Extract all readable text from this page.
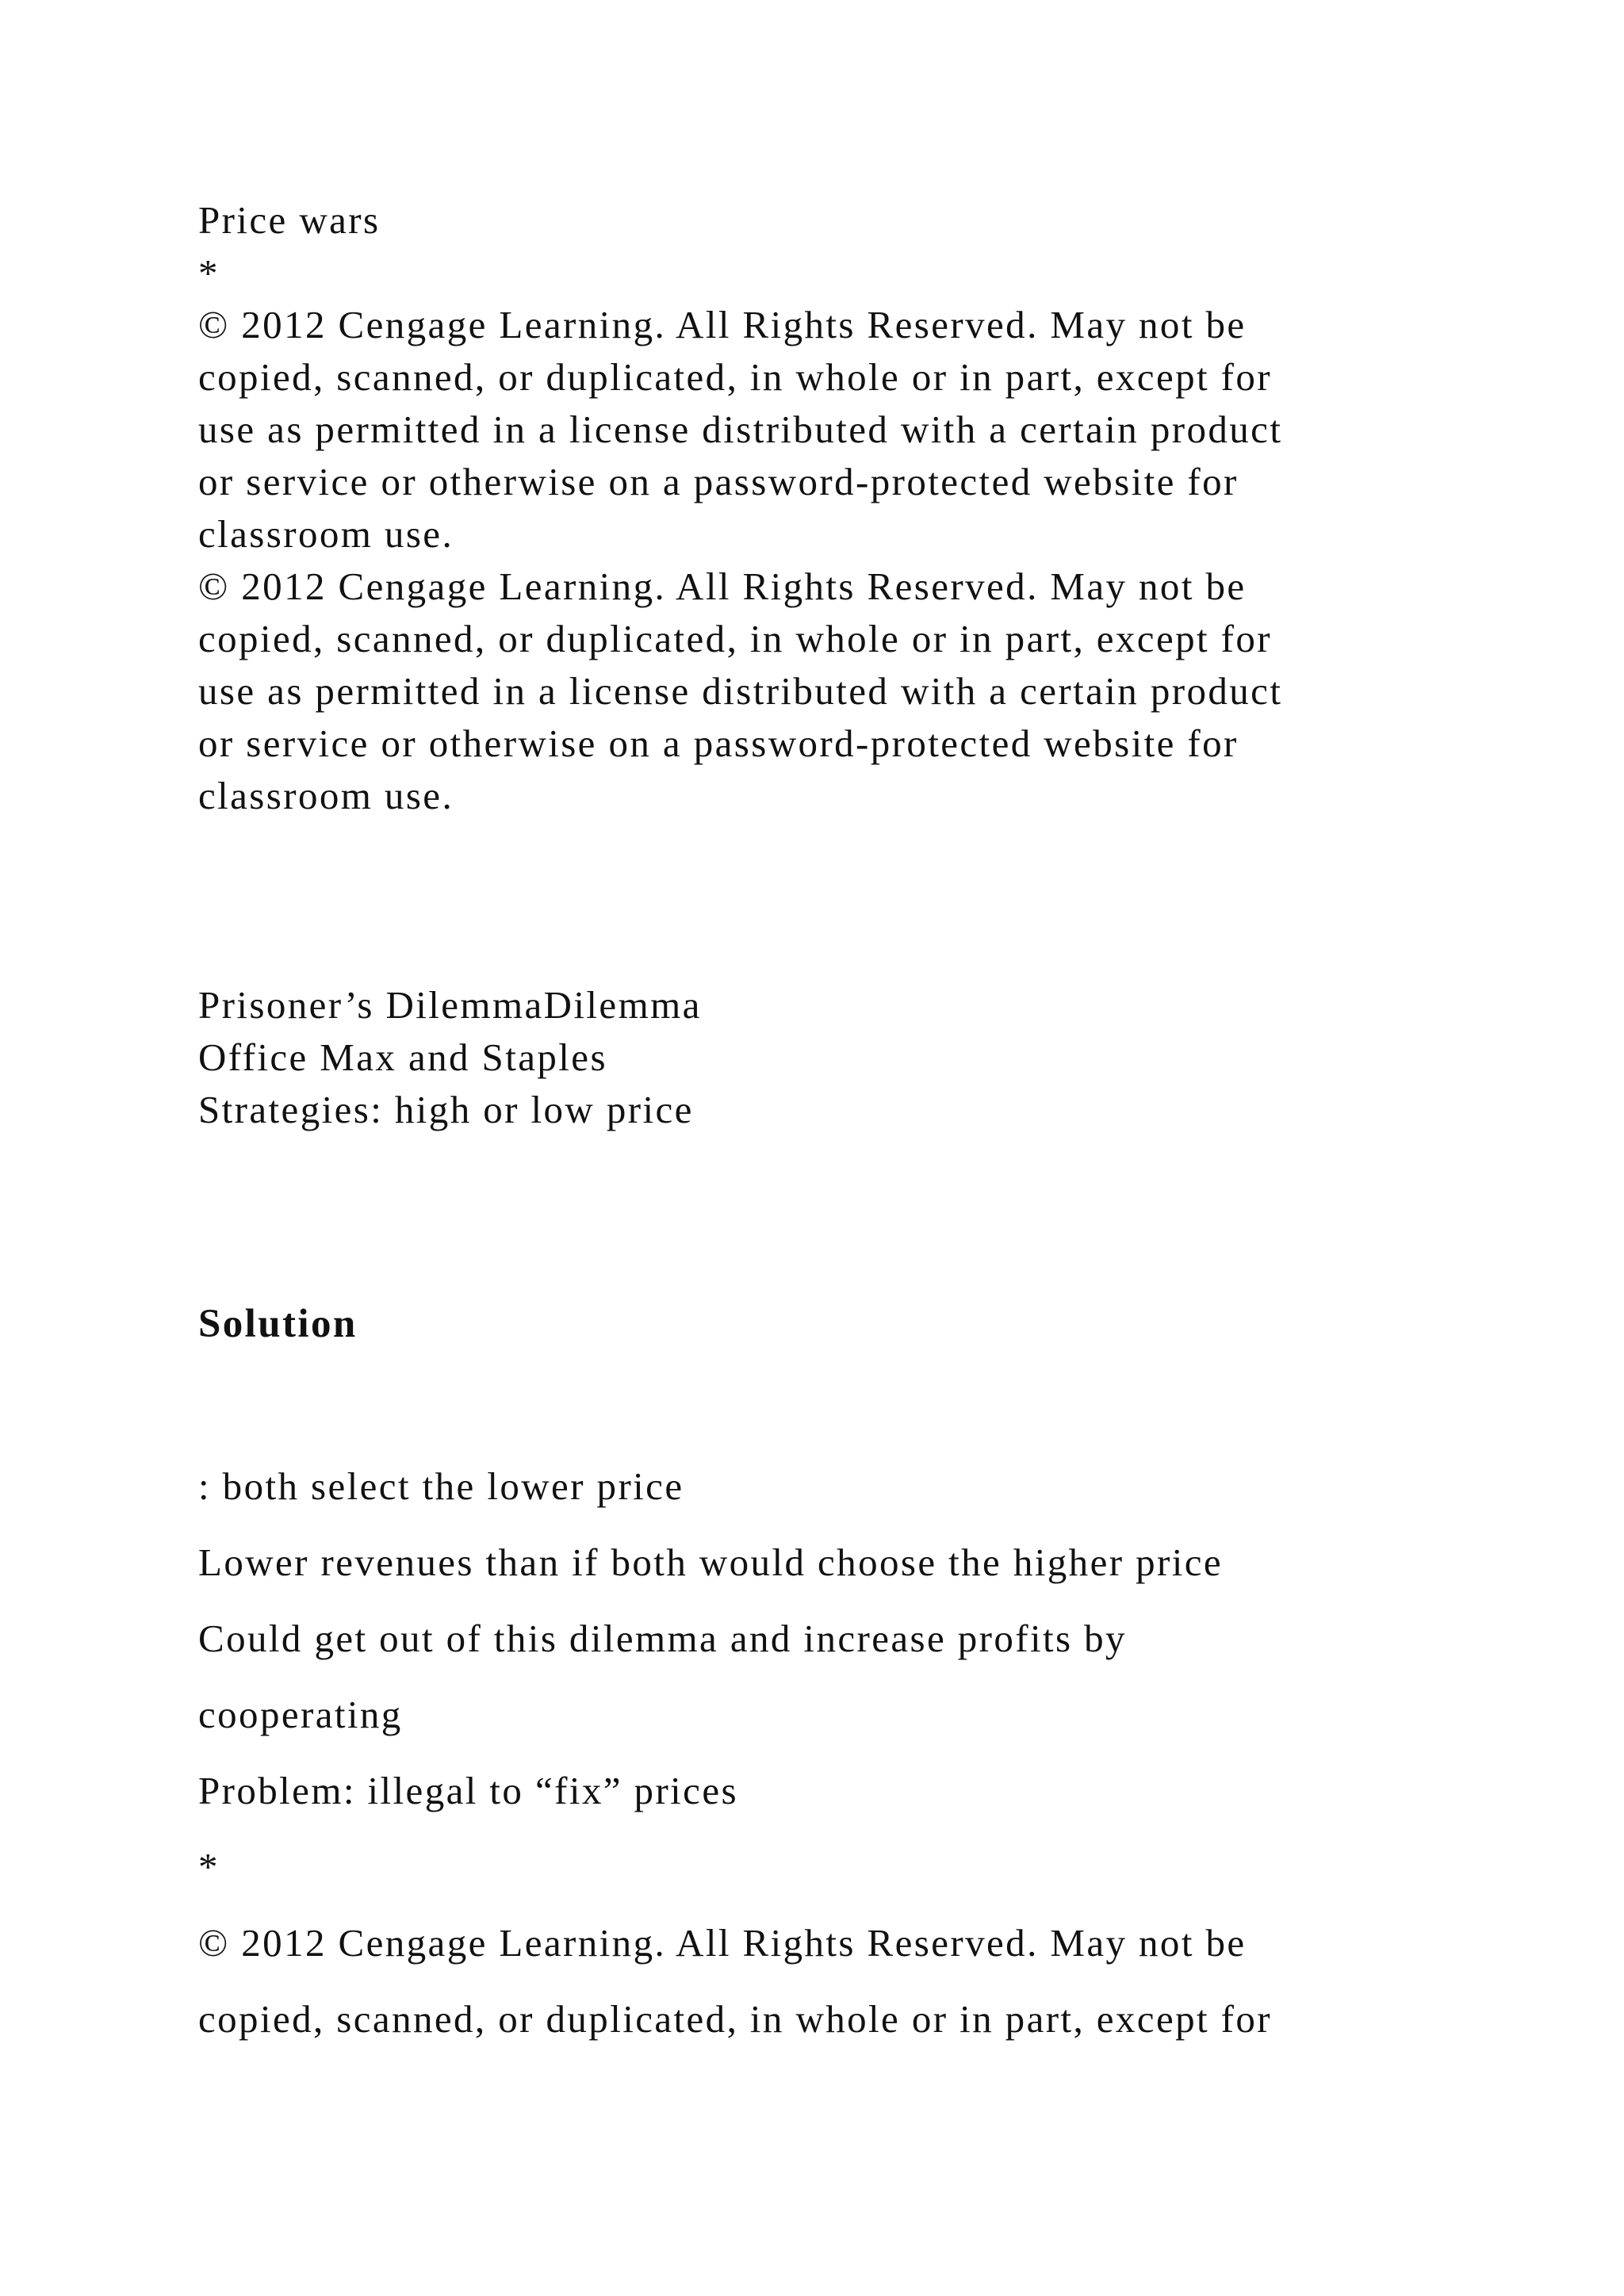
Price wars
*
© 2012 Cengage Learning. All Rights Reserved. May not be
copied, scanned, or duplicated, in whole or in part, except for
use as permitted in a license distributed with a certain product
or service or otherwise on a password-protected website for
classroom use.
© 2012 Cengage Learning. All Rights Reserved. May not be
copied, scanned, or duplicated, in whole or in part, except for
use as permitted in a license distributed with a certain product
or service or otherwise on a password-protected website for
classroom use.
Prisoner’s DilemmaDilemma
Office Max and Staples
Strategies: high or low price
Solution
: both select the lower price
Lower revenues than if both would choose the higher price
Could get out of this dilemma and increase profits by
cooperating
Problem: illegal to “fix” prices
*
© 2012 Cengage Learning. All Rights Reserved. May not be
copied, scanned, or duplicated, in whole or in part, except for
